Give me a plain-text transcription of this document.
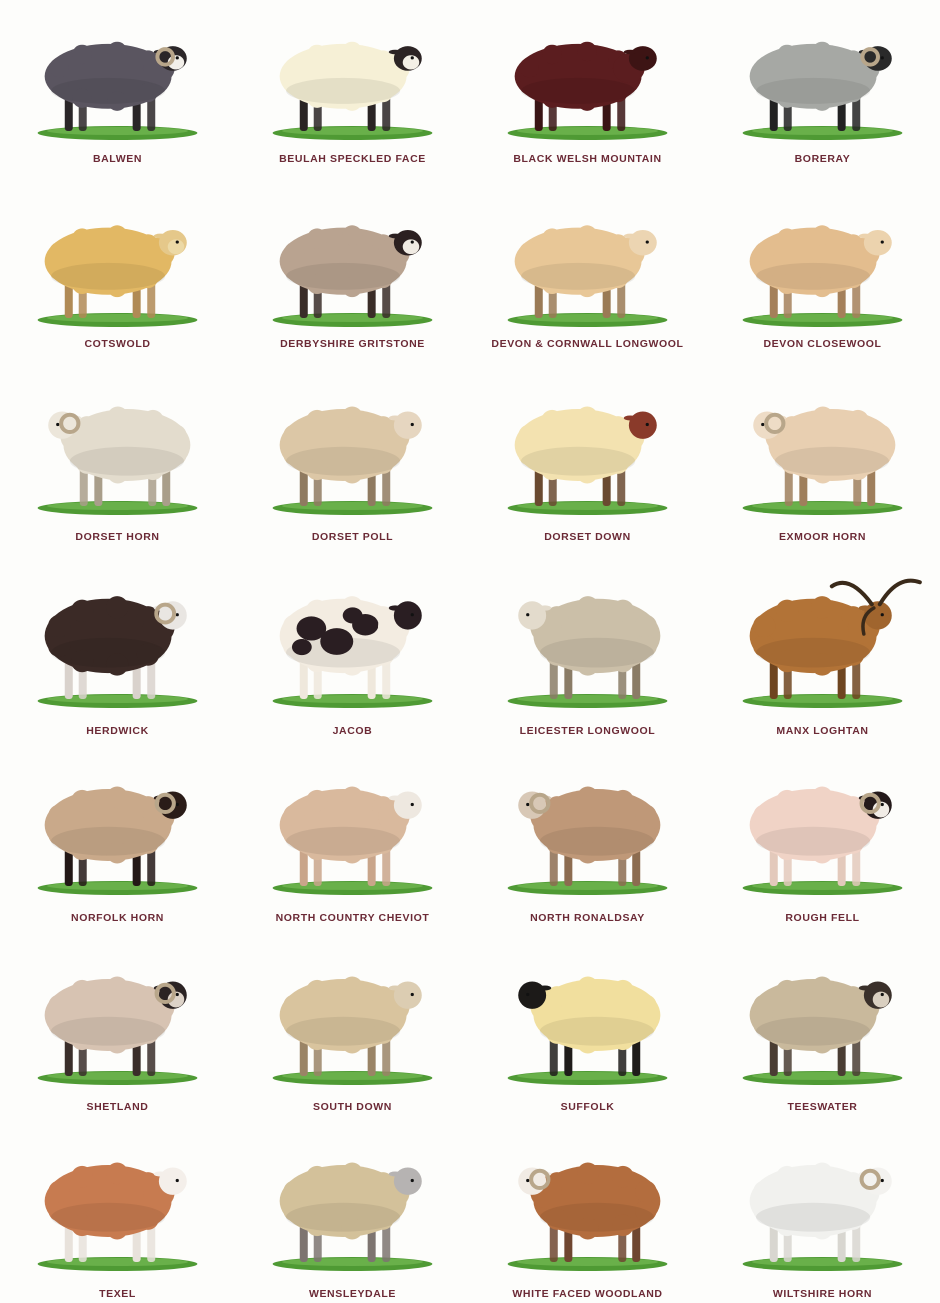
BALWEN	BEULAH SPECKLED FACE	BLACK WELSH MOUNTAIN	BORERAY
COTSWOLD	DERBYSHIRE GRITSTONE	DEVON & CORNWALL LONGWOOL	DEVON CLOSEWOOL
DORSET HORN	DORSET POLL	DORSET DOWN	EXMOOR HORN
HERDWICK	JACOB	LEICESTER LONGWOOL	MANX LOGHTAN
NORFOLK HORN	NORTH COUNTRY CHEVIOT	NORTH RONALDSAY	ROUGH FELL
SHETLAND	SOUTH DOWN	SUFFOLK	TEESWATER
TEXEL	WENSLEYDALE	WHITE FACED WOODLAND	WILTSHIRE HORN
